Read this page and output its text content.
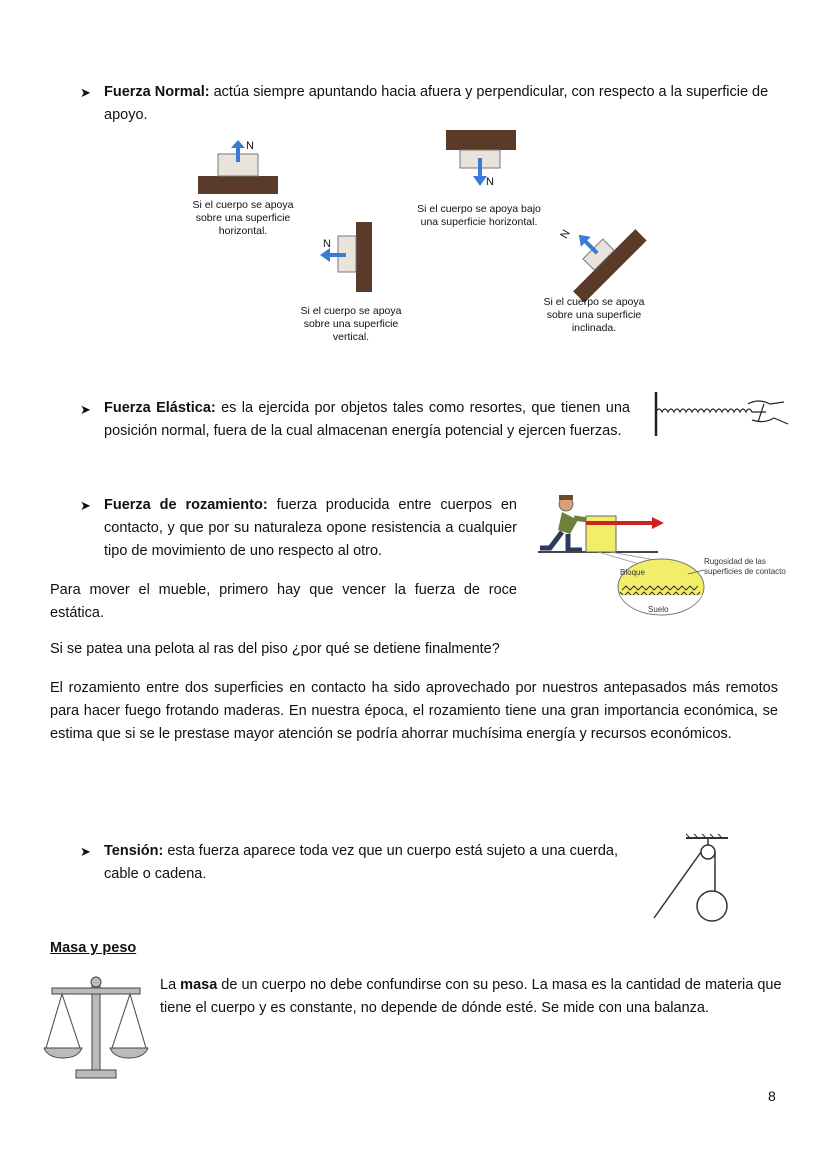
➤ Fuerza Normal: actúa siempre apuntando hacia afuera y perpendicular, con respecto a la superficie de apoyo.
N
Si el cuerpo se apoya sobre una superficie horizontal.
N
Si el cuerpo se apoya sobre una superficie vertical.
N
Si el cuerpo se apoya bajo una superficie horizontal.
N
Si el cuerpo se apoya sobre una superficie inclinada.
➤ Fuerza Elástica: es la ejercida por objetos tales como resortes, que tienen una posición normal, fuera de la cual almacenan energía potencial y ejercen fuerzas.
➤ Fuerza de rozamiento: fuerza producida entre cuerpos en contacto, y que por su naturaleza opone resistencia a cualquier tipo de movimiento de uno respecto al otro.
Bloque
Suelo
Rugosidad de las superficies de contacto
Para mover el mueble, primero hay que vencer la fuerza de roce estática.
Si se patea una pelota al ras del piso ¿por qué se detiene finalmente?
El rozamiento entre dos superficies en contacto ha sido aprovechado por nuestros antepasados más remotos para hacer fuego frotando maderas. En nuestra época, el rozamiento tiene una gran importancia económica, se estima que si se le prestase mayor atención se podría ahorrar muchísima energía y recursos económicos.
➤ Tensión: esta fuerza aparece toda vez que un cuerpo está sujeto a una cuerda, cable o cadena.
Masa y peso
La masa de un cuerpo no debe confundirse con su peso. La masa es la cantidad de materia que tiene el cuerpo y es constante, no depende de dónde esté. Se mide con una balanza.
8
